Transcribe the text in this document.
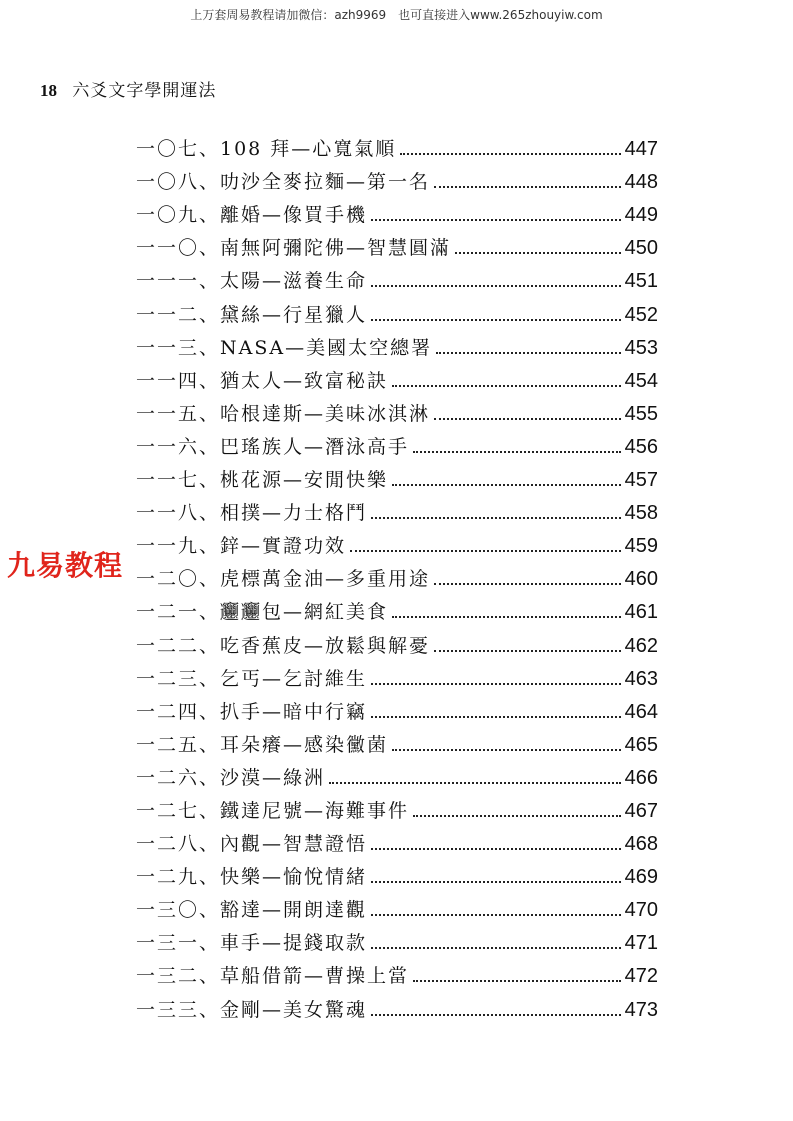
上万套周易教程请加微信：azh9969　也可直接进入www.265zhouyiw.com
18 六爻文字學開運法
一〇七、108 拜—心寬氣順	447
一〇八、叻沙全麥拉麵—第一名	448
一〇九、離婚—像買手機	449
一一〇、南無阿彌陀佛—智慧圓滿	450
一一一、太陽—滋養生命	451
一一二、黛絲—行星獵人	452
一一三、NASA—美國太空總署	453
一一四、猶太人—致富秘訣	454
一一五、哈根達斯—美味冰淇淋	455
一一六、巴瑤族人—潛泳高手	456
一一七、桃花源—安閒快樂	457
一一八、相撲—力士格鬥	458
一一九、鋅—實證功效	459
一二〇、虎標萬金油—多重用途	460
一二一、𰻞𰻞包—網紅美食	461
一二二、吃香蕉皮—放鬆與解憂	462
一二三、乞丐—乞討維生	463
一二四、扒手—暗中行竊	464
一二五、耳朵癢—感染黴菌	465
一二六、沙漠—綠洲	466
一二七、鐵達尼號—海難事件	467
一二八、內觀—智慧證悟	468
一二九、快樂—愉悅情緒	469
一三〇、豁達—開朗達觀	470
一三一、車手—提錢取款	471
一三二、草船借箭—曹操上當	472
一三三、金剛—美女驚魂	473
九易教程
